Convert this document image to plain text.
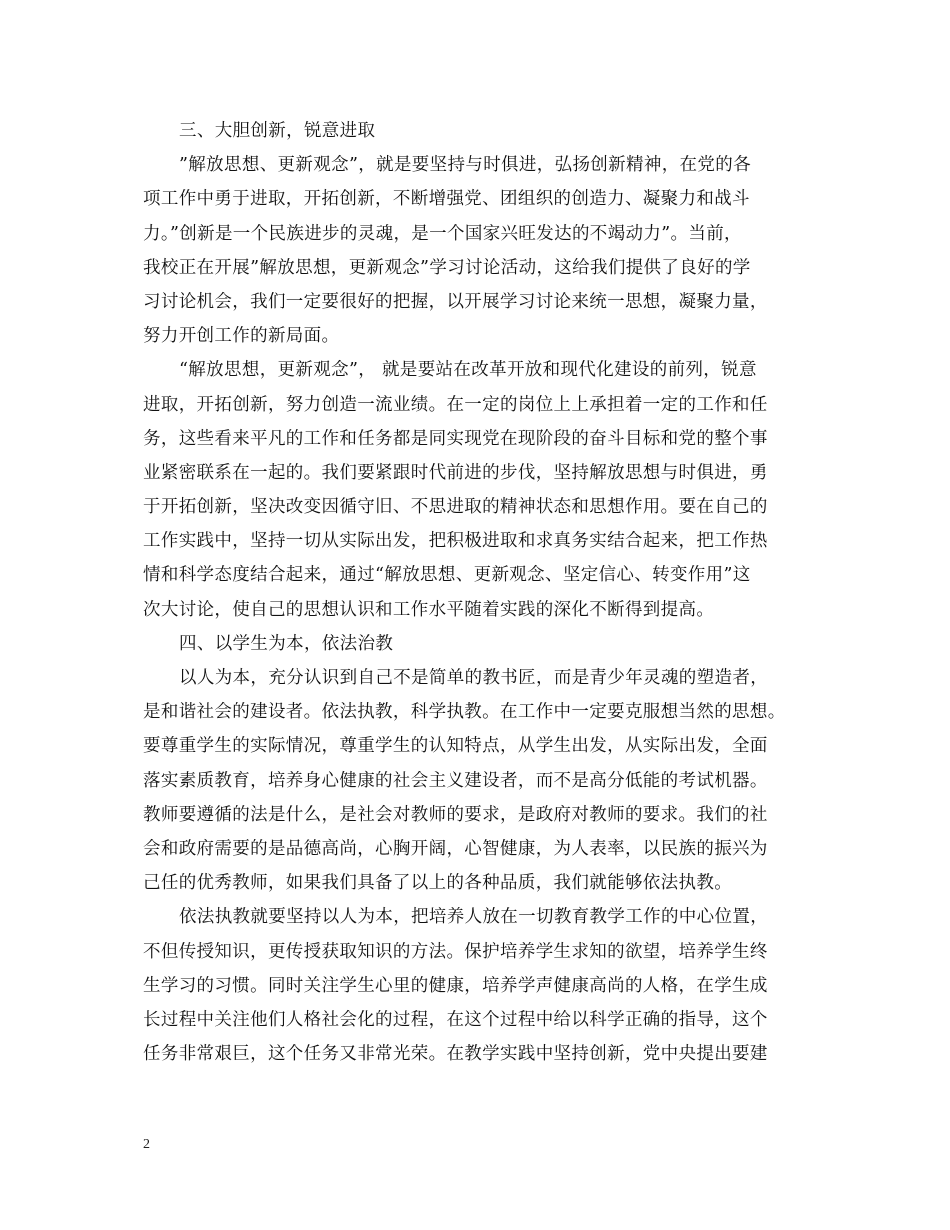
三、大胆创新，锐意进取
”解放思想、更新观念”，就是要坚持与时俱进，弘扬创新精神，在党的各
项工作中勇于进取，开拓创新，不断增强党、团组织的创造力、凝聚力和战斗
力。”创新是一个民族进步的灵魂，是一个国家兴旺发达的不竭动力”。当前，
我校正在开展”解放思想，更新观念”学习讨论活动，这给我们提供了良好的学
习讨论机会，我们一定要很好的把握，以开展学习讨论来统一思想，凝聚力量，
努力开创工作的新局面。
“解放思想，更新观念”， 就是要站在改革开放和现代化建设的前列，锐意
进取，开拓创新，努力创造一流业绩。在一定的岗位上上承担着一定的工作和任
务，这些看来平凡的工作和任务都是同实现党在现阶段的奋斗目标和党的整个事
业紧密联系在一起的。我们要紧跟时代前进的步伐，坚持解放思想与时俱进，勇
于开拓创新，坚决改变因循守旧、不思进取的精神状态和思想作用。要在自己的
工作实践中，坚持一切从实际出发，把积极进取和求真务实结合起来，把工作热
情和科学态度结合起来，通过“解放思想、更新观念、坚定信心、转变作用”这
次大讨论，使自己的思想认识和工作水平随着实践的深化不断得到提高。
四、以学生为本，依法治教
以人为本，充分认识到自己不是简单的教书匠，而是青少年灵魂的塑造者，
是和谐社会的建设者。依法执教，科学执教。在工作中一定要克服想当然的思想。
要尊重学生的实际情况，尊重学生的认知特点，从学生出发，从实际出发，全面
落实素质教育，培养身心健康的社会主义建设者，而不是高分低能的考试机器。
教师要遵循的法是什么，是社会对教师的要求，是政府对教师的要求。我们的社
会和政府需要的是品德高尚，心胸开阔，心智健康，为人表率，以民族的振兴为
己任的优秀教师，如果我们具备了以上的各种品质，我们就能够依法执教。
依法执教就要坚持以人为本，把培养人放在一切教育教学工作的中心位置，
不但传授知识，更传授获取知识的方法。保护培养学生求知的欲望，培养学生终
生学习的习惯。同时关注学生心里的健康，培养学声健康高尚的人格，在学生成
长过程中关注他们人格社会化的过程，在这个过程中给以科学正确的指导，这个
任务非常艰巨，这个任务又非常光荣。在教学实践中坚持创新，党中央提出要建
2
